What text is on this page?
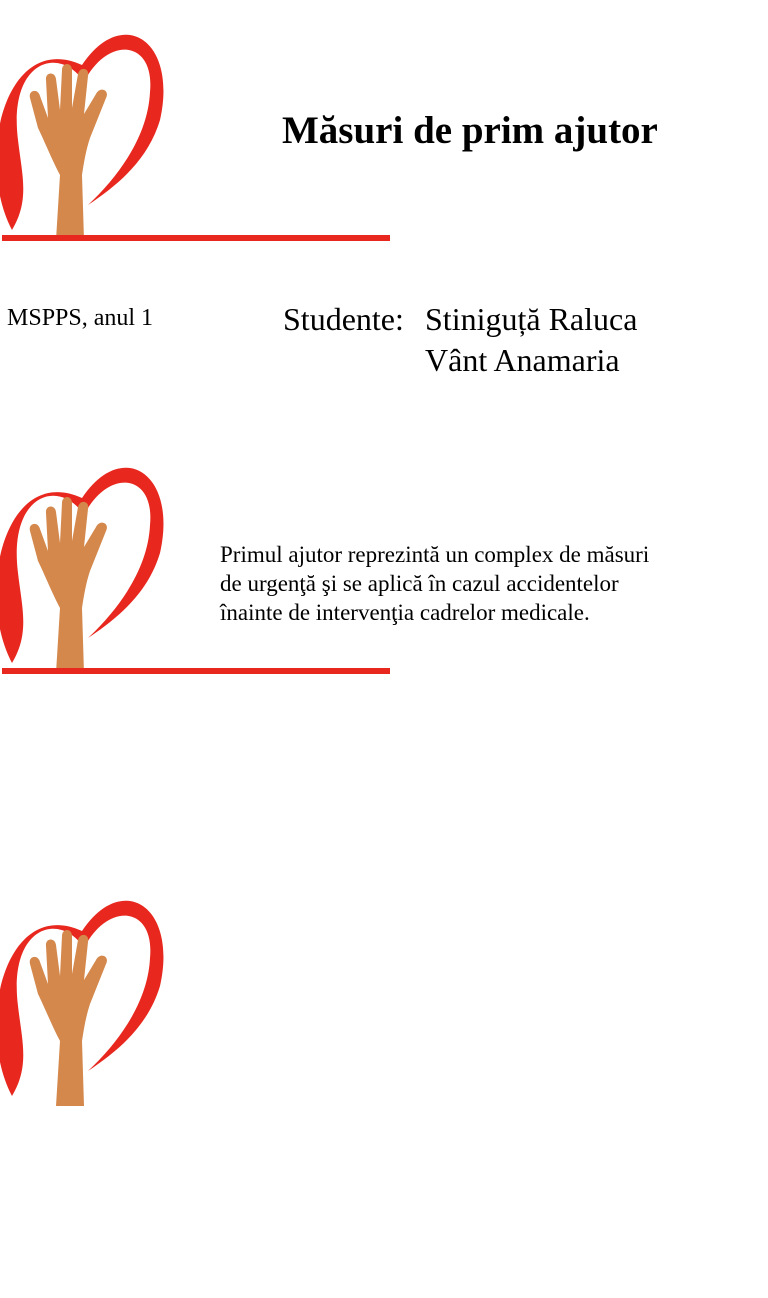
Măsuri de prim ajutor
MSPPS, anul 1	Studente: Stiniguță Raluca
Vânt Anamaria
Primul ajutor reprezintă un complex de măsuri
de urgenţă şi se aplică în cazul accidentelor
înainte de intervenţia cadrelor medicale.
